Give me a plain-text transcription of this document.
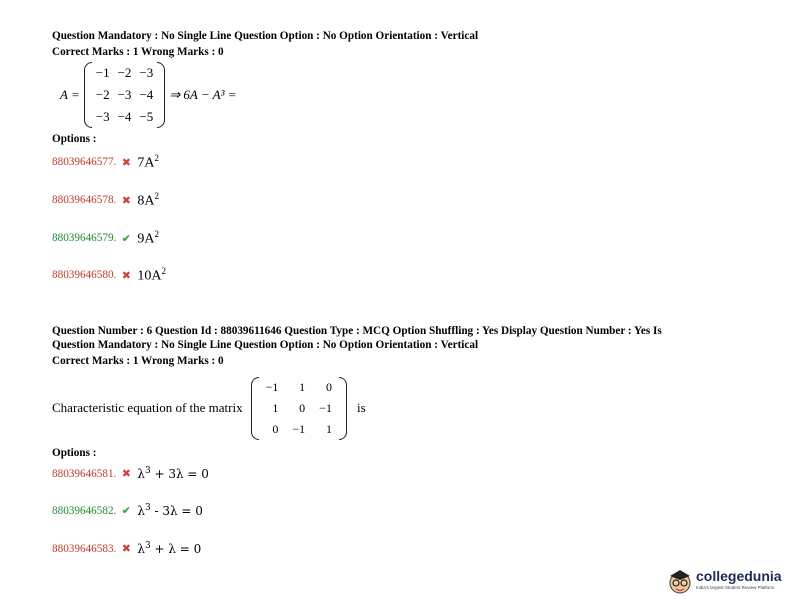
Question Mandatory : No Single Line Question Option : No Option Orientation : Vertical
Correct Marks : 1 Wrong Marks : 0
A =
−1 −2 −3
−2 −3 −4
−3 −4 −5
⇒ 6A − A³ =
Options :
88039646577. ✖ $7A^2$
88039646578. ✖ $8A^2$
88039646579. ✔ $9A^2$
88039646580. ✖ $10A^2$
Question Number : 6 Question Id : 88039611646 Question Type : MCQ Option Shuffling : Yes Display Question Number : Yes Is
Question Mandatory : No Single Line Question Option : No Option Orientation : Vertical
Correct Marks : 1 Wrong Marks : 0
Characteristic equation of the matrix
−1	1	0
1	0	−1
0	−1	1
is
Options :
88039646581. ✖ $\lambda^3 + 3\lambda = 0$
88039646582. ✔ $\lambda^3 - 3\lambda = 0$
88039646583. ✖ $\lambda^3 + \lambda = 0$
collegedunia
India's largest Student Review Platform
